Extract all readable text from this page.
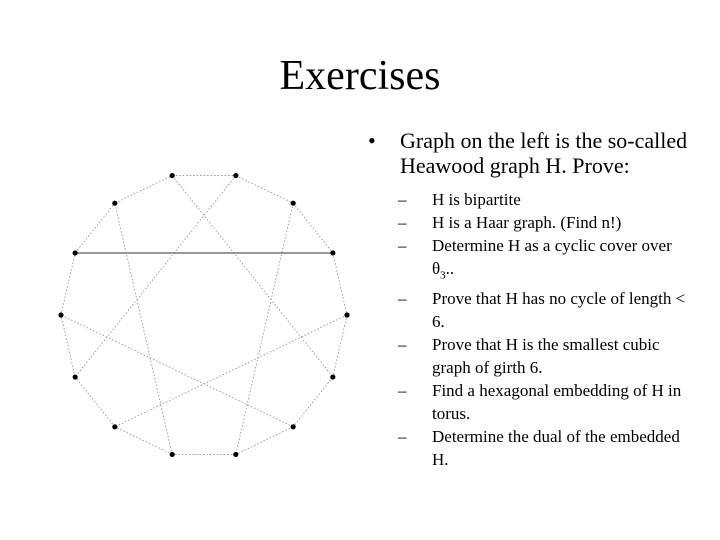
Exercises
• Graph on the left is the so-called Heawood graph H. Prove:
– H is bipartite
– H is a Haar graph. (Find n!)
– Determine H as a cyclic cover over $\theta_3$..
– Prove that H has no cycle of length < 6.
– Prove that H is the smallest cubic graph of girth 6.
– Find a hexagonal embedding of H in torus.
– Determine the dual of the embedded H.
